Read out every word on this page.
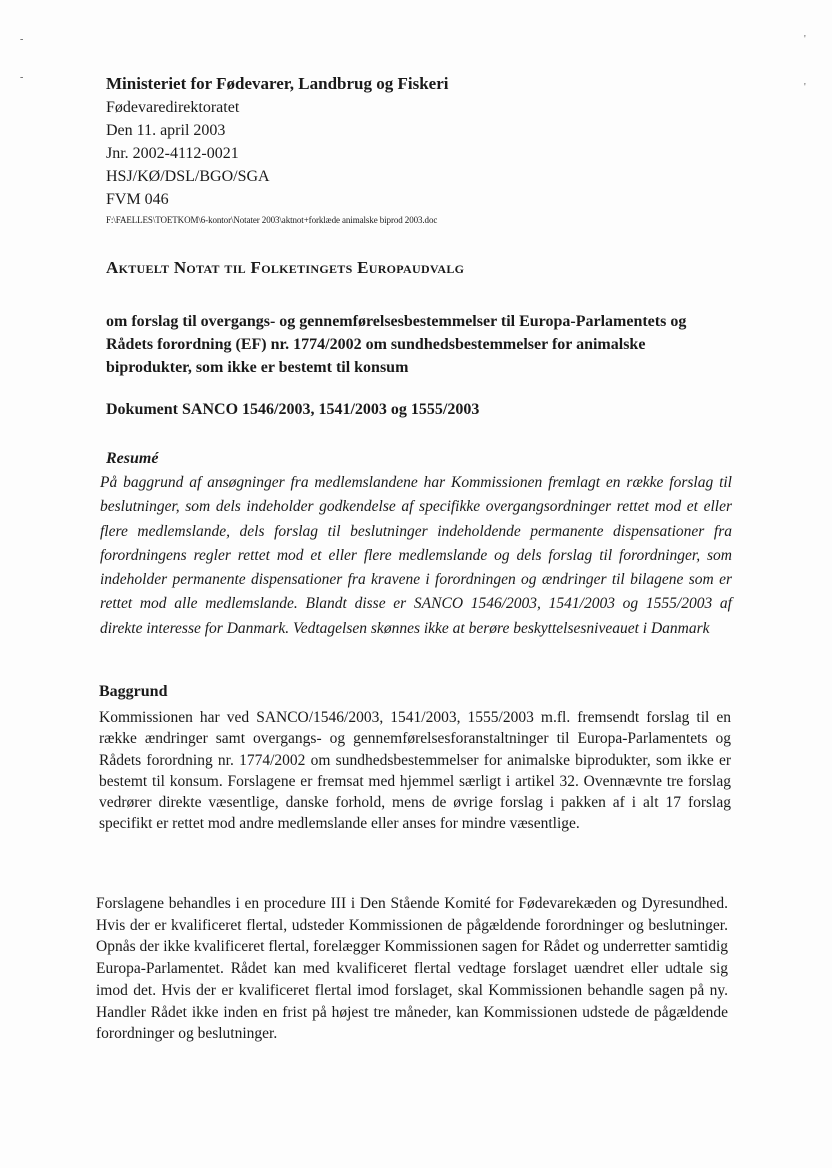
-
-
'
'

Ministeriet for Fødevarer, Landbrug og Fiskeri

Fødevaredirektoratet

Den 11. april 2003

Jnr. 2002-4112-0021

HSJ/KØ/DSL/BGO/SGA

FVM 046

F:\FAELLES\TOETKOM\6-kontor\Notater 2003\aktnot+forklæde animalske biprod 2003.doc

Aktuelt Notat til Folketingets Europaudvalg

om forslag til overgangs- og gennemførelsesbestemmelser til Europa-Parlamentets og Rådets forordning (EF) nr. 1774/2002 om sundhedsbestemmelser for animalske biprodukter, som ikke er bestemt til konsum

Dokument SANCO 1546/2003, 1541/2003 og 1555/2003

Resumé

På baggrund af ansøgninger fra medlemslandene har Kommissionen fremlagt en række forslag til beslutninger, som dels indeholder godkendelse af specifikke overgangsordninger rettet mod et eller flere medlemslande, dels forslag til beslutninger indeholdende permanente dispensationer fra forordningens regler rettet mod et eller flere medlemslande og dels forslag til forordninger, som indeholder permanente dispensationer fra kravene i forordningen og ændringer til bilagene som er rettet mod alle medlemslande. Blandt disse er SANCO 1546/2003, 1541/2003 og 1555/2003 af direkte interesse for Danmark. Vedtagelsen skønnes ikke at berøre beskyttelsesniveauet i Danmark

Baggrund

Kommissionen har ved SANCO/1546/2003, 1541/2003, 1555/2003 m.fl. fremsendt forslag til en række ændringer samt overgangs- og gennemførelsesforanstaltninger til Europa-Parlamentets og Rådets forordning nr. 1774/2002 om sundhedsbestemmelser for animalske biprodukter, som ikke er bestemt til konsum. Forslagene er fremsat med hjemmel særligt i artikel 32. Ovennævnte tre forslag vedrører direkte væsentlige, danske forhold, mens de øvrige forslag i pakken af i alt 17 forslag specifikt er rettet mod andre medlemslande eller anses for mindre væsentlige.

Forslagene behandles i en procedure III i Den Stående Komité for Fødevarekæden og Dyresundhed. Hvis der er kvalificeret flertal, udsteder Kommissionen de pågældende forordninger og beslutninger. Opnås der ikke kvalificeret flertal, forelægger Kommissionen sagen for Rådet og underretter samtidig Europa-Parlamentet. Rådet kan med kvalificeret flertal vedtage forslaget uændret eller udtale sig imod det. Hvis der er kvalificeret flertal imod forslaget, skal Kommissionen behandle sagen på ny. Handler Rådet ikke inden en frist på højest tre måneder, kan Kommissionen udstede de pågældende forordninger og beslutninger.
